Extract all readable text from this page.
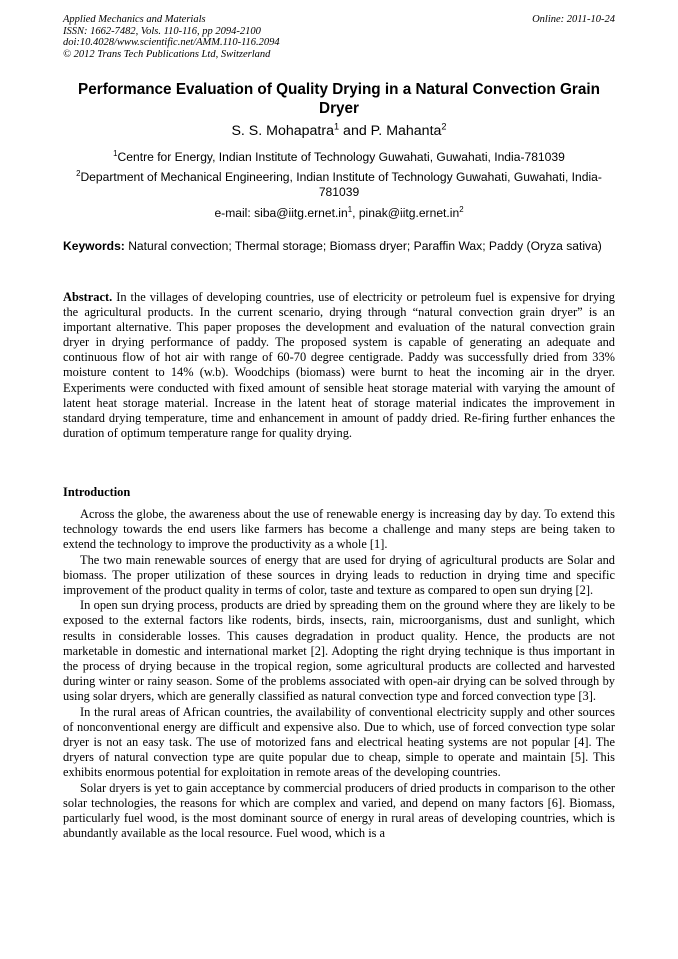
Applied Mechanics and Materials
ISSN: 1662-7482, Vols. 110-116, pp 2094-2100
doi:10.4028/www.scientific.net/AMM.110-116.2094
© 2012 Trans Tech Publications Ltd, Switzerland
Online: 2011-10-24
Performance Evaluation of Quality Drying in a Natural Convection Grain Dryer
S. S. Mohapatra$^1$ and P. Mahanta$^2$
$^1$Centre for Energy, Indian Institute of Technology Guwahati, Guwahati, India-781039
$^2$Department of Mechanical Engineering, Indian Institute of Technology Guwahati, Guwahati, India-781039
e-mail: $siba@iitg.ernet.in^1$, $pinak@iitg.ernet.in^2$
Keywords: Natural convection; Thermal storage; Biomass dryer; Paraffin Wax; Paddy (Oryza sativa)
Abstract. In the villages of developing countries, use of electricity or petroleum fuel is expensive for drying the agricultural products. In the current scenario, drying through “natural convection grain dryer” is an important alternative. This paper proposes the development and evaluation of the natural convection grain dryer in drying performance of paddy. The proposed system is capable of generating an adequate and continuous flow of hot air with range of 60-70 degree centigrade. Paddy was successfully dried from 33% moisture content to 14% (w.b). Woodchips (biomass) were burnt to heat the incoming air in the dryer. Experiments were conducted with fixed amount of sensible heat storage material with varying the amount of latent heat storage material. Increase in the latent heat of storage material indicates the improvement in standard drying temperature, time and enhancement in amount of paddy dried. Re-firing further enhances the duration of optimum temperature range for quality drying.
Introduction

Across the globe, the awareness about the use of renewable energy is increasing day by day. To extend this technology towards the end users like farmers has become a challenge and many steps are being taken to extend the technology to improve the productivity as a whole [1].

The two main renewable sources of energy that are used for drying of agricultural products are Solar and biomass. The proper utilization of these sources in drying leads to reduction in drying time and specific improvement of the product quality in terms of color, taste and texture as compared to open sun drying [2].

In open sun drying process, products are dried by spreading them on the ground where they are likely to be exposed to the external factors like rodents, birds, insects, rain, microorganisms, dust and sunlight, which results in considerable losses. This causes degradation in product quality. Hence, the products are not marketable in domestic and international market [2]. Adopting the right drying technique is thus important in the process of drying because in the tropical region, some agricultural products are collected and harvested during winter or rainy season. Some of the problems associated with open-air drying can be solved through by using solar dryers, which are generally classified as natural convection type and forced convection type [3].

In the rural areas of African countries, the availability of conventional electricity supply and other sources of nonconventional energy are difficult and expensive also. Due to which, use of forced convection type solar dryer is not an easy task. The use of motorized fans and electrical heating systems are not popular [4]. The dryers of natural convection type are quite popular due to cheap, simple to operate and maintain [5]. This exhibits enormous potential for exploitation in remote areas of the developing countries.

Solar dryers is yet to gain acceptance by commercial producers of dried products in comparison to the other solar technologies, the reasons for which are complex and varied, and depend on many factors [6]. Biomass, particularly fuel wood, is the most dominant source of energy in rural areas of developing countries, which is abundantly available as the local resource. Fuel wood, which is a
